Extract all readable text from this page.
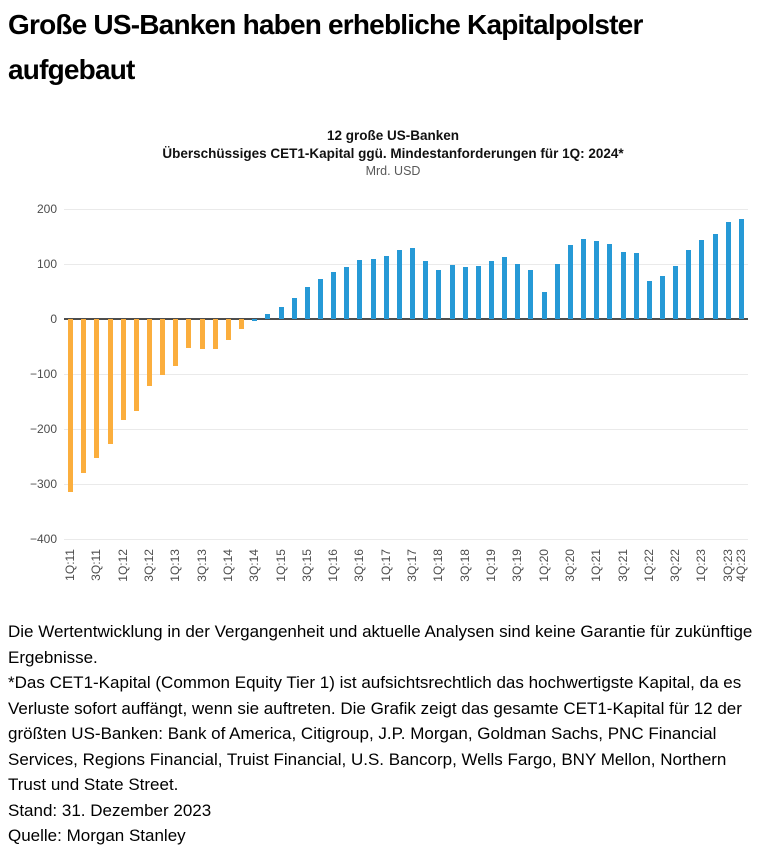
Große US-Banken haben erhebliche Kapitalpolster aufgebaut
12 große US-Banken
Überschüssiges CET1-Kapital ggü. Mindestanforderungen für 1Q: 2024*
Mrd. USD
200
100
0
−100
−200
−300
−400
1Q:11 3Q:11 1Q:12 3Q:12 1Q:13 3Q:13 1Q:14 3Q:14 1Q:15 3Q:15 1Q:16 3Q:16 1Q:17 3Q:17 1Q:18 3Q:18 1Q:19 3Q:19 1Q:20 3Q:20 1Q:21 3Q:21 1Q:22 3Q:22 1Q:23 3Q:23 4Q:23

Die Wertentwicklung in der Vergangenheit und aktuelle Analysen sind keine Garantie für zukünftige Ergebnisse.

*Das CET1-Kapital (Common Equity Tier 1) ist aufsichtsrechtlich das hochwertigste Kapital, da es Verluste sofort auffängt, wenn sie auftreten. Die Grafik zeigt das gesamte CET1-Kapital für 12 der größten US-Banken: Bank of America, Citigroup, J.P. Morgan, Goldman Sachs, PNC Financial Services, Regions Financial, Truist Financial, U.S. Bancorp, Wells Fargo, BNY Mellon, Northern Trust und State Street.

Stand: 31. Dezember 2023

Quelle: Morgan Stanley
